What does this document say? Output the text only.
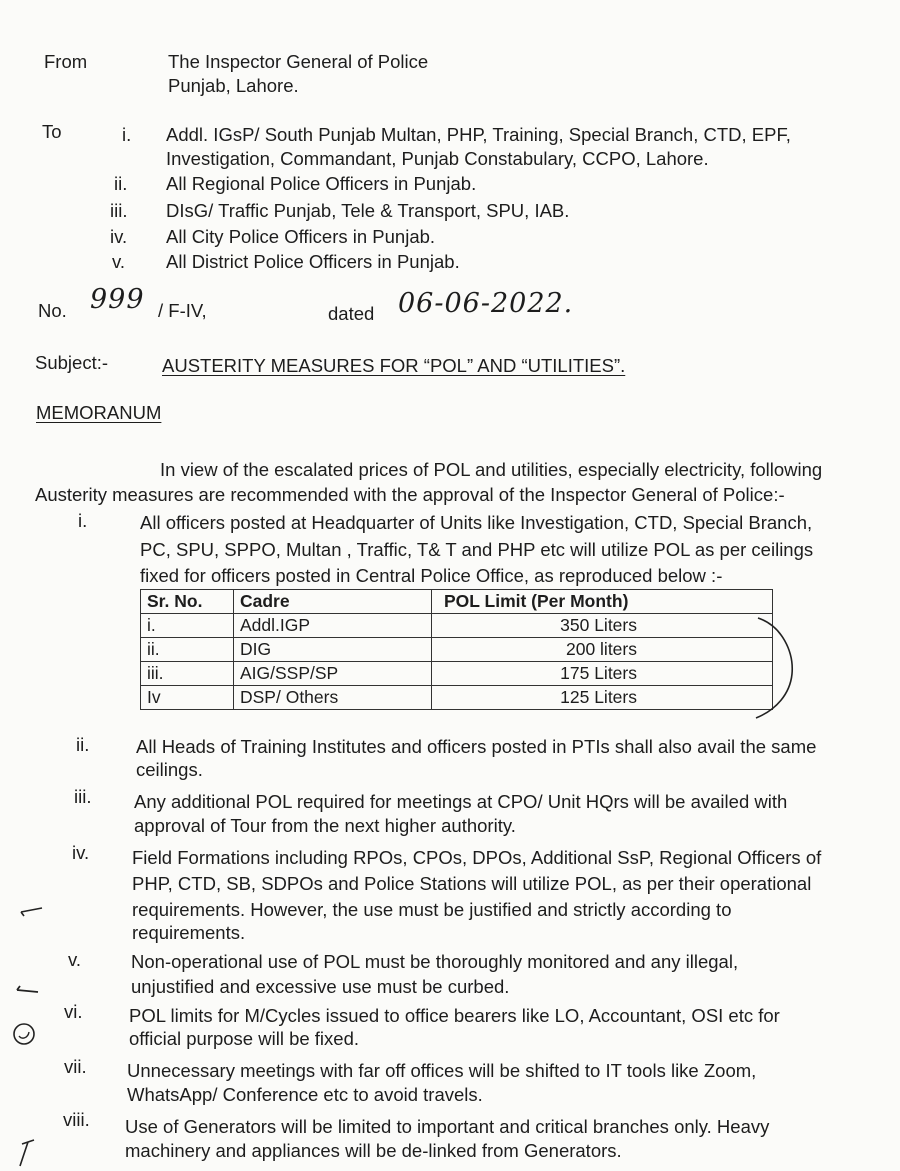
From	The Inspector General of Police
Punjab, Lahore.
To	i. Addl. IGsP/ South Punjab Multan, PHP, Training, Special Branch, CTD, EPF,
Investigation, Commandant, Punjab Constabulary, CCPO, Lahore.
ii. All Regional Police Officers in Punjab.
iii. DIsG/ Traffic Punjab, Tele & Transport, SPU, IAB.
iv. All City Police Officers in Punjab.
v. All District Police Officers in Punjab.
No. 999 / F-IV,	dated 06-06-2022.
Subject:-	AUSTERITY MEASURES FOR “POL” AND “UTILITIES”.
MEMORANUM
In view of the escalated prices of POL and utilities, especially electricity, following
Austerity measures are recommended with the approval of the Inspector General of Police:-
i.	All officers posted at Headquarter of Units like Investigation, CTD, Special Branch,
PC, SPU, SPPO, Multan , Traffic, T& T and PHP etc will utilize POL as per ceilings
fixed for officers posted in Central Police Office, as reproduced below :-
Sr. No.	Cadre	POL Limit (Per Month)
i.	Addl.IGP	350 Liters
ii.	DIG	200 liters
iii.	AIG/SSP/SP	175 Liters
Iv	DSP/ Others	125 Liters
ii.	All Heads of Training Institutes and officers posted in PTIs shall also avail the same
ceilings.
iii. Any additional POL required for meetings at CPO/ Unit HQrs will be availed with
approval of Tour from the next higher authority.
iv. Field Formations including RPOs, CPOs, DPOs, Additional SsP, Regional Officers of
PHP, CTD, SB, SDPOs and Police Stations will utilize POL, as per their operational
requirements. However, the use must be justified and strictly according to
requirements.
v.	Non-operational use of POL must be thoroughly monitored and any illegal,
unjustified and excessive use must be curbed.
vi.	POL limits for M/Cycles issued to office bearers like LO, Accountant, OSI etc for
official purpose will be fixed.
vii. Unnecessary meetings with far off offices will be shifted to IT tools like Zoom,
WhatsApp/ Conference etc to avoid travels.
viii. Use of Generators will be limited to important and critical branches only. Heavy
machinery and appliances will be de-linked from Generators.
